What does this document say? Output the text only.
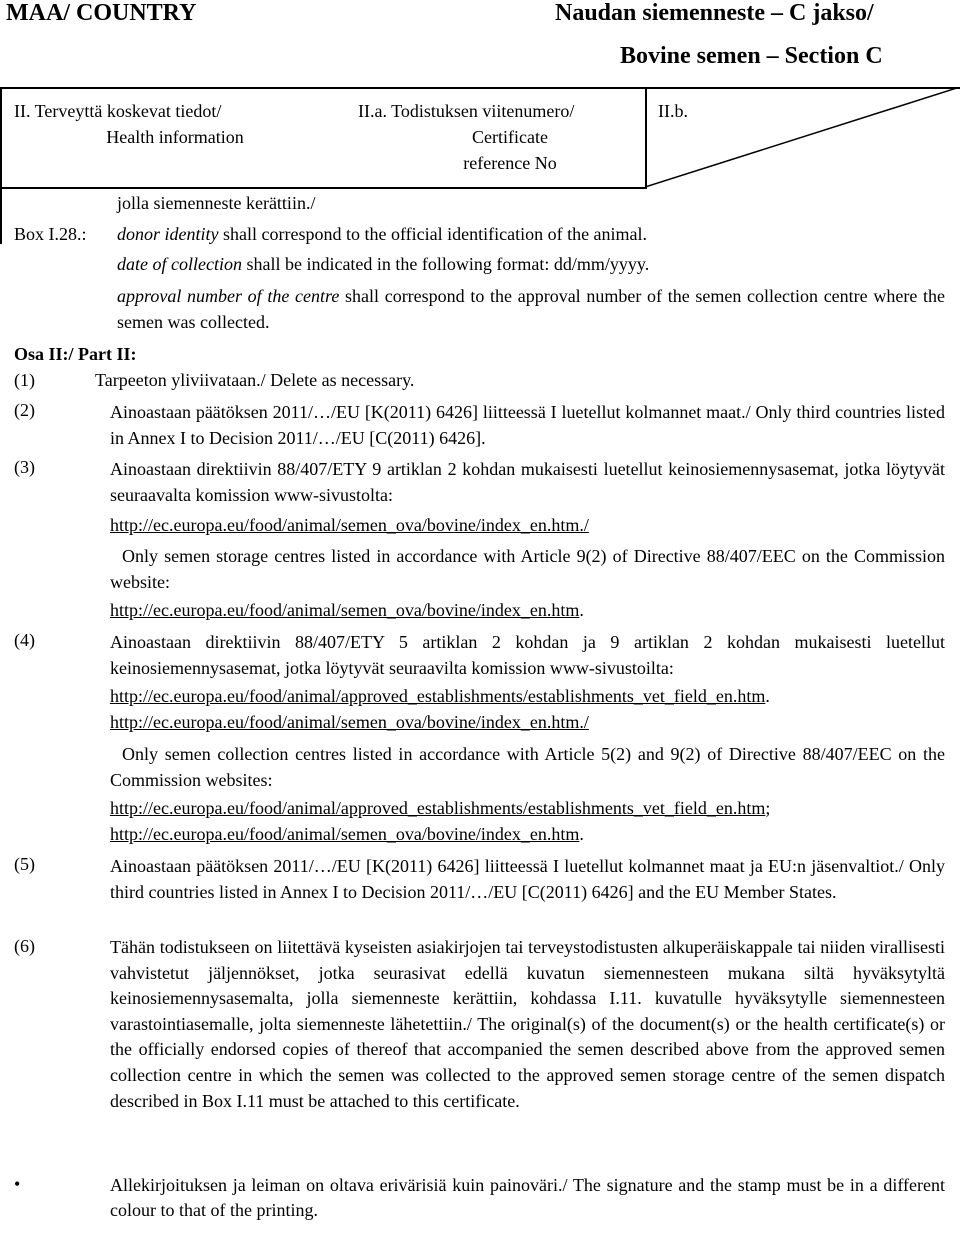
MAA/ COUNTRY	Naudan siemenneste – C jakso/
Bovine semen – Section C
II. Terveyttä koskevat tiedot/
Health information
II.a. Todistuksen viitenumero/
Certificate
reference No
II.b.
jolla siemenneste kerättiin./
Box I.28.: donor identity shall correspond to the official identification of the animal.
date of collection shall be indicated in the following format: dd/mm/yyyy.
approval number of the centre shall correspond to the approval number of the semen collection centre where the semen was collected.
Osa II:/ Part II:
(1)	Tarpeeton yliviivataan./ Delete as necessary.
(2)	Ainoastaan päätöksen 2011/…/EU [K(2011) 6426] liitteessä I luetellut kolmannet maat./ Only third countries listed in Annex I to Decision 2011/…/EU [C(2011) 6426].
(3)	Ainoastaan direktiivin 88/407/ETY 9 artiklan 2 kohdan mukaisesti luetellut keinosiemennysasemat, jotka löytyvät seuraavalta komission www-sivustolta:
http://ec.europa.eu/food/animal/semen_ova/bovine/index_en.htm./
Only semen storage centres listed in accordance with Article 9(2) of Directive 88/407/EEC on the Commission website:
http://ec.europa.eu/food/animal/semen_ova/bovine/index_en.htm.
(4)	Ainoastaan direktiivin 88/407/ETY 5 artiklan 2 kohdan ja 9 artiklan 2 kohdan mukaisesti luetellut keinosiemennysasemat, jotka löytyvät seuraavilta komission www-sivustoilta:
http://ec.europa.eu/food/animal/approved_establishments/establishments_vet_field_en.htm.
http://ec.europa.eu/food/animal/semen_ova/bovine/index_en.htm./
Only semen collection centres listed in accordance with Article 5(2) and 9(2) of Directive 88/407/EEC on the Commission websites:
http://ec.europa.eu/food/animal/approved_establishments/establishments_vet_field_en.htm;
http://ec.europa.eu/food/animal/semen_ova/bovine/index_en.htm.
(5)	Ainoastaan päätöksen 2011/…/EU [K(2011) 6426] liitteessä I luetellut kolmannet maat ja EU:n jäsenvaltiot./ Only third countries listed in Annex I to Decision 2011/…/EU [C(2011) 6426] and the EU Member States.
(6)	Tähän todistukseen on liitettävä kyseisten asiakirjojen tai terveystodistusten alkuperäiskappale tai niiden virallisesti vahvistetut jäljennökset, jotka seurasivat edellä kuvatun siemennesteen mukana siltä hyväksytyltä keinosiemennysasemalta, jolla siemenneste kerättiin, kohdassa I.11. kuvatulle hyväksytylle siemennesteen varastointiasemalle, jolta siemenneste lähetettiin./ The original(s) of the document(s) or the health certificate(s) or the officially endorsed copies of thereof that accompanied the semen described above from the approved semen collection centre in which the semen was collected to the approved semen storage centre of the semen dispatch described in Box I.11 must be attached to this certificate.
•	Allekirjoituksen ja leiman on oltava erivärisiä kuin painoväri./ The signature and the stamp must be in a different colour to that of the printing.
